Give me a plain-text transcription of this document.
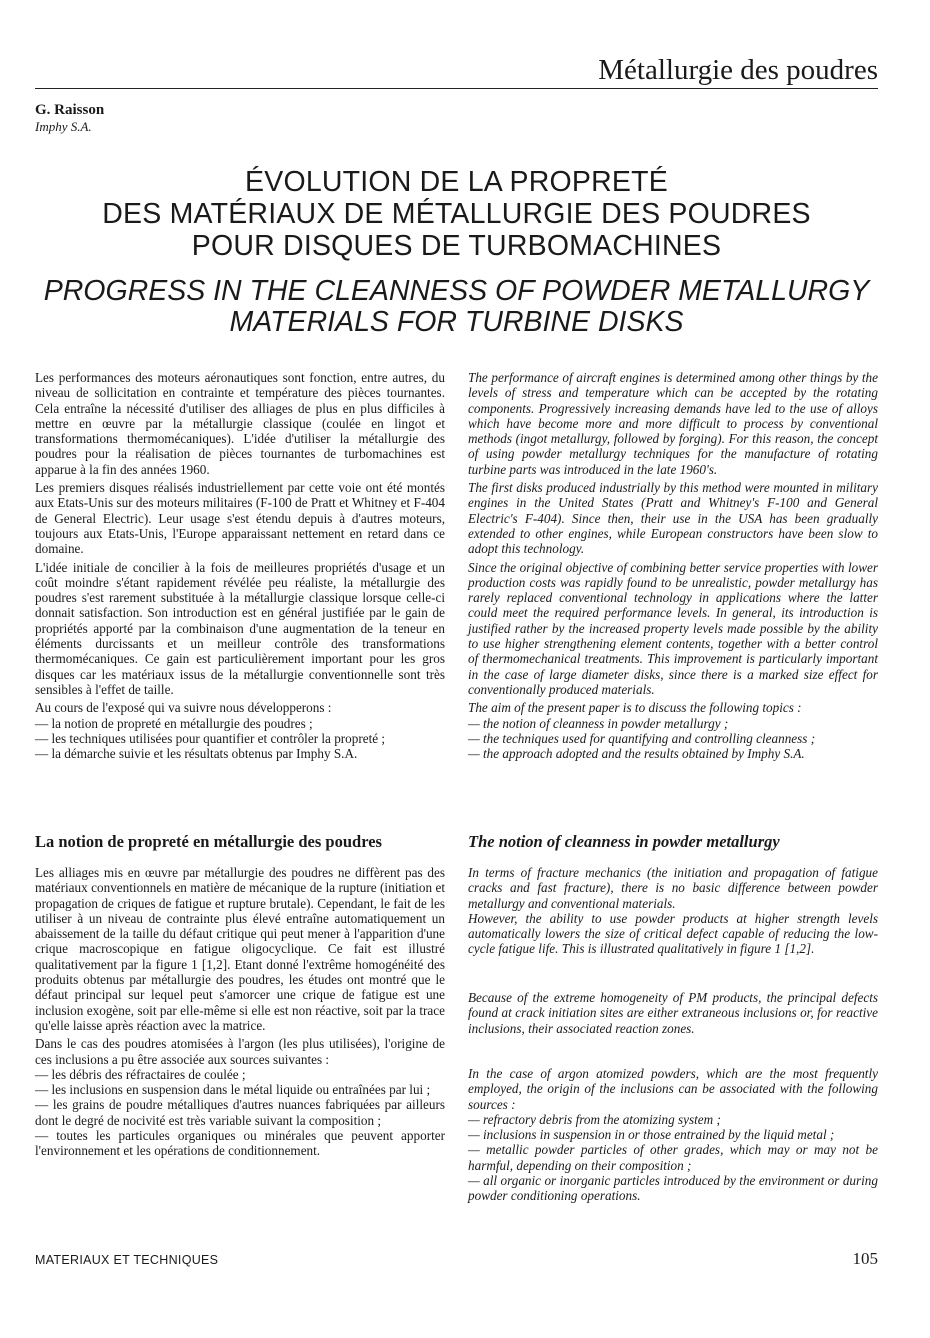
Métallurgie des poudres
G. Raisson
Imphy S.A.
ÉVOLUTION DE LA PROPRETÉ
DES MATÉRIAUX DE MÉTALLURGIE DES POUDRES
POUR DISQUES DE TURBOMACHINES
PROGRESS IN THE CLEANNESS OF POWDER METALLURGY
MATERIALS FOR TURBINE DISKS

Les performances des moteurs aéronautiques sont fonction, entre autres, du niveau de sollicitation en contrainte et température des pièces tournantes. Cela entraîne la nécessité d'utiliser des alliages de plus en plus difficiles à mettre en œuvre par la métallurgie classique (coulée en lingot et transformations thermomécaniques). L'idée d'utiliser la métallurgie des poudres pour la réalisation de pièces tournantes de turbomachines est apparue à la fin des années 1960.

Les premiers disques réalisés industriellement par cette voie ont été montés aux Etats-Unis sur des moteurs militaires (F-100 de Pratt et Whitney et F-404 de General Electric). Leur usage s'est étendu depuis à d'autres moteurs, toujours aux Etats-Unis, l'Europe apparaissant nettement en retard dans ce domaine.

L'idée initiale de concilier à la fois de meilleures propriétés d'usage et un coût moindre s'étant rapidement révélée peu réaliste, la métallurgie des poudres s'est rarement substituée à la métallurgie classique lorsque celle-ci donnait satisfaction. Son introduction est en général justifiée par le gain de propriétés apporté par la combinaison d'une augmentation de la teneur en éléments durcissants et un meilleur contrôle des transformations thermomécaniques. Ce gain est particulièrement important pour les gros disques car les matériaux issus de la métallurgie conventionnelle sont très sensibles à l'effet de taille.

Au cours de l'exposé qui va suivre nous développerons :

— la notion de propreté en métallurgie des poudres ;
— les techniques utilisées pour quantifier et contrôler la propreté ;
— la démarche suivie et les résultats obtenus par Imphy S.A.

The performance of aircraft engines is determined among other things by the levels of stress and temperature which can be accepted by the rotating components. Progressively increasing demands have led to the use of alloys which have become more and more difficult to process by conventional methods (ingot metallurgy, followed by forging). For this reason, the concept of using powder metallurgy techniques for the manufacture of rotating turbine parts was introduced in the late 1960's.

The first disks produced industrially by this method were mounted in military engines in the United States (Pratt and Whitney's F-100 and General Electric's F-404). Since then, their use in the USA has been gradually extended to other engines, while European constructors have been slow to adopt this technology.

Since the original objective of combining better service properties with lower production costs was rapidly found to be unrealistic, powder metallurgy has rarely replaced conventional technology in applications where the latter could meet the required performance levels. In general, its introduction is justified rather by the increased property levels made possible by the ability to use higher strengthening element contents, together with a better control of thermomechanical treatments. This improvement is particularly important in the case of large diameter disks, since there is a marked size effect for conventionally produced materials.

The aim of the present paper is to discuss the following topics :

— the notion of cleanness in powder metallurgy ;
— the techniques used for quantifying and controlling cleanness ;
— the approach adopted and the results obtained by Imphy S.A.
La notion de propreté en métallurgie des poudres	The notion of cleanness in powder metallurgy

Les alliages mis en œuvre par métallurgie des poudres ne diffèrent pas des matériaux conventionnels en matière de mécanique de la rupture (initiation et propagation de criques de fatigue et rupture brutale). Cependant, le fait de les utiliser à un niveau de contrainte plus élevé entraîne automatiquement un abaissement de la taille du défaut critique qui peut mener à l'apparition d'une crique macroscopique en fatigue oligocyclique. Ce fait est illustré qualitativement par la figure 1 [1,2]. Etant donné l'extrême homogénéité des produits obtenus par métallurgie des poudres, les études ont montré que le défaut principal sur lequel peut s'amorcer une crique de fatigue est une inclusion exogène, soit par elle-même si elle est non réactive, soit par la trace qu'elle laisse après réaction avec la matrice.

Dans le cas des poudres atomisées à l'argon (les plus utilisées), l'origine de ces inclusions a pu être associée aux sources suivantes :

— les débris des réfractaires de coulée ;
— les inclusions en suspension dans le métal liquide ou entraînées par lui ;
— les grains de poudre métalliques d'autres nuances fabriquées par ailleurs dont le degré de nocivité est très variable suivant la composition ;
— toutes les particules organiques ou minérales que peuvent apporter l'environnement et les opérations de conditionnement.

In terms of fracture mechanics (the initiation and propagation of fatigue cracks and fast fracture), there is no basic difference between powder metallurgy and conventional materials.

However, the ability to use powder products at higher strength levels automatically lowers the size of critical defect capable of reducing the low-cycle fatigue life. This is illustrated qualitatively in figure 1 [1,2].

Because of the extreme homogeneity of PM products, the principal defects found at crack initiation sites are either extraneous inclusions or, for reactive inclusions, their associated reaction zones.

In the case of argon atomized powders, which are the most frequently employed, the origin of the inclusions can be associated with the following sources :

— refractory debris from the atomizing system ;
— inclusions in suspension in or those entrained by the liquid metal ;
— metallic powder particles of other grades, which may or may not be harmful, depending on their composition ;
— all organic or inorganic particles introduced by the environment or during powder conditioning operations.
MATERIAUX ET TECHNIQUES	105
